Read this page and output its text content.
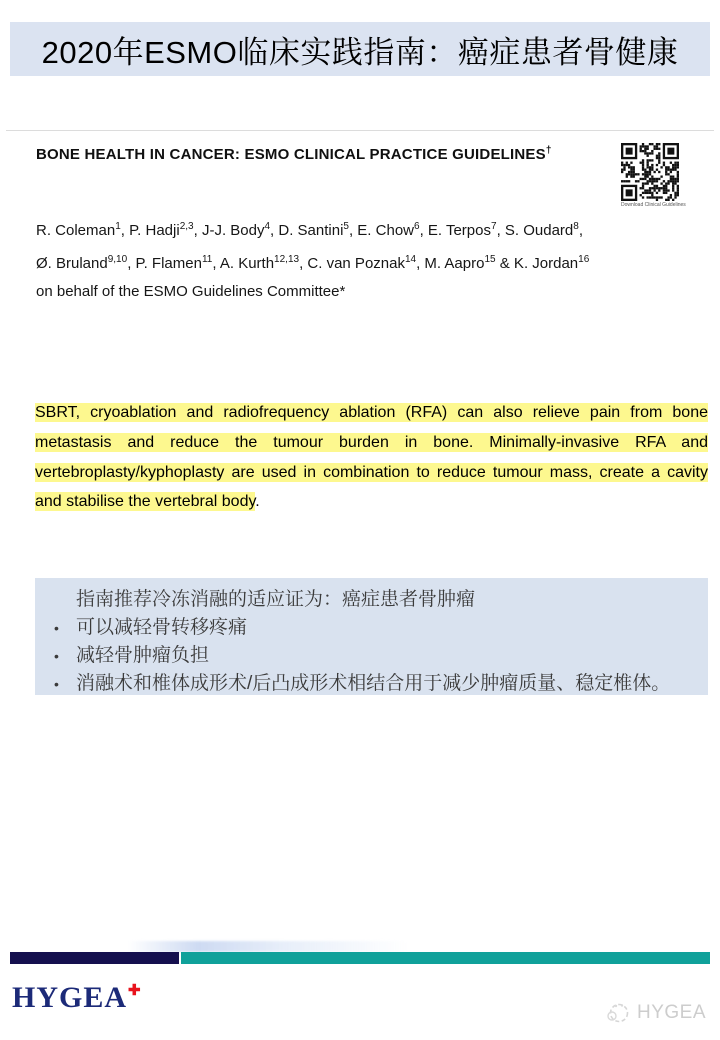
2020年ESMO临床实践指南：癌症患者骨健康
BONE HEALTH IN CANCER: ESMO CLINICAL PRACTICE GUIDELINES†
Download Clinical Guidelines
R. Coleman$^1$, P. Hadji$^{2,3}$, J-J. Body$^4$, D. Santini$^5$, E. Chow$^6$, E. Terpos$^7$, S. Oudard$^8$,
Ø. Bruland$^{9,10}$, P. Flamen$^{11}$, A. Kurth$^{12,13}$, C. van Poznak$^{14}$, M. Aapro$^{15}$ & K. Jordan$^{16}$
on behalf of the ESMO Guidelines Committee*
SBRT, cryoablation and radiofrequency ablation (RFA) can also relieve pain from bone metastasis and reduce the tumour burden in bone. Minimally-invasive RFA and vertebroplasty/kyphoplasty are used in combination to reduce tumour mass, create a cavity and stabilise the vertebral body.
指南推荐冷冻消融的适应证为：癌症患者骨肿瘤
• 可以减轻骨转移疼痛
• 减轻骨肿瘤负担
• 消融术和椎体成形术/后凸成形术相结合用于减少肿瘤质量、稳定椎体。
HYGEA✚
HYGEA
